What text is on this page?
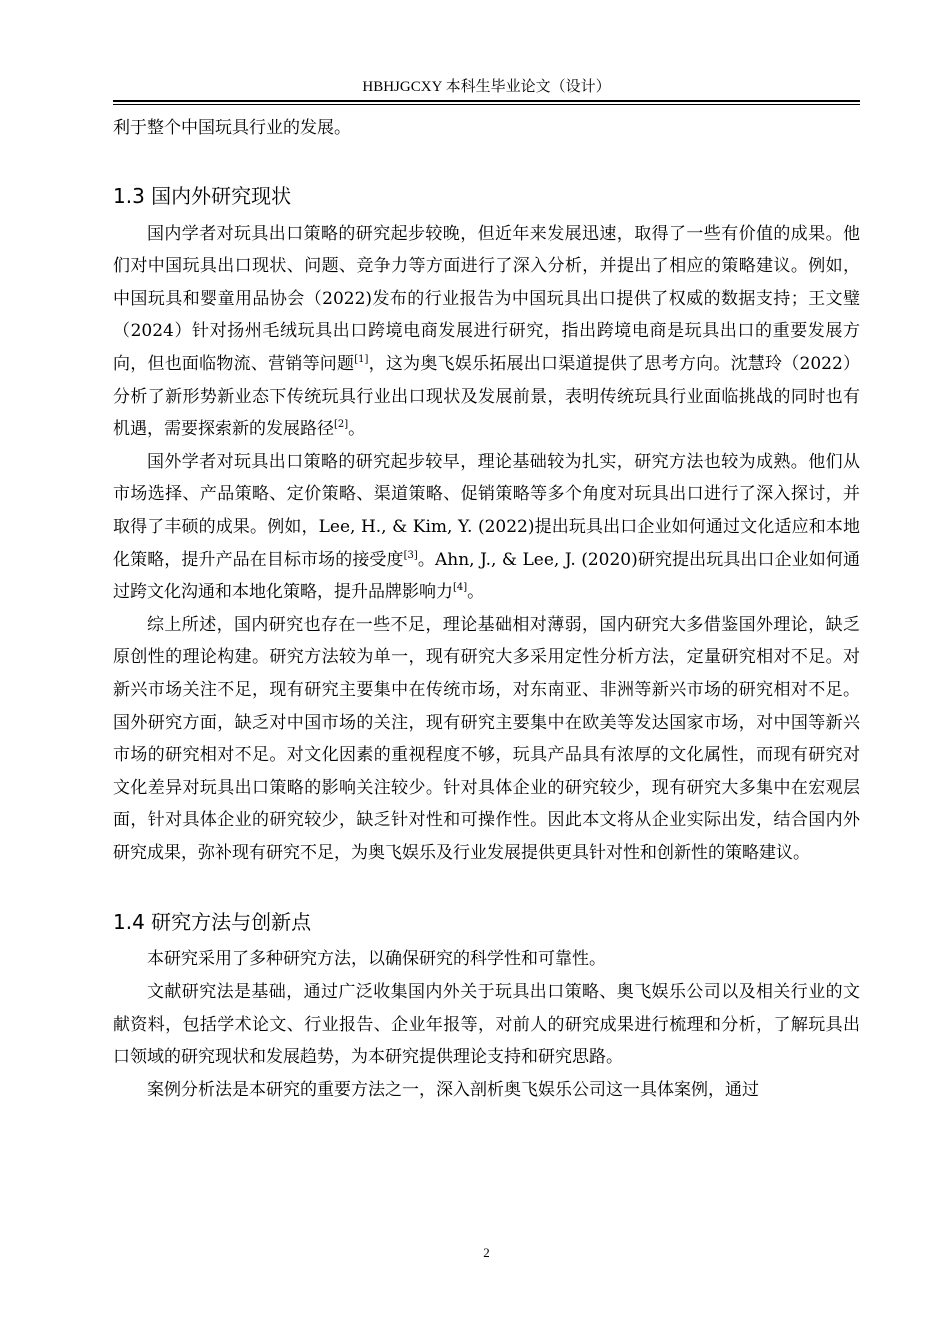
HBHJGCXY 本科生毕业论文（设计）

利于整个中国玩具行业的发展。

1.3 国内外研究现状

国内学者对玩具出口策略的研究起步较晚，但近年来发展迅速，取得了一些有价值的成果。他们对中国玩具出口现状、问题、竞争力等方面进行了深入分析，并提出了相应的策略建议。例如，中国玩具和婴童用品协会（2022)发布的行业报告为中国玩具出口提供了权威的数据支持；王文璧（2024）针对扬州毛绒玩具出口跨境电商发展进行研究，指出跨境电商是玩具出口的重要发展方向，但也面临物流、营销等问题[1]，这为奥飞娱乐拓展出口渠道提供了思考方向。沈慧玲（2022）分析了新形势新业态下传统玩具行业出口现状及发展前景，表明传统玩具行业面临挑战的同时也有机遇，需要探索新的发展路径[2]。

国外学者对玩具出口策略的研究起步较早，理论基础较为扎实，研究方法也较为成熟。他们从市场选择、产品策略、定价策略、渠道策略、促销策略等多个角度对玩具出口进行了深入探讨，并取得了丰硕的成果。例如，Lee, H., & Kim, Y. (2022)提出玩具出口企业如何通过文化适应和本地化策略，提升产品在目标市场的接受度[3]。Ahn, J., & Lee, J. (2020)研究提出玩具出口企业如何通过跨文化沟通和本地化策略，提升品牌影响力[4]。

综上所述，国内研究也存在一些不足，理论基础相对薄弱，国内研究大多借鉴国外理论，缺乏原创性的理论构建。研究方法较为单一，现有研究大多采用定性分析方法，定量研究相对不足。对新兴市场关注不足，现有研究主要集中在传统市场，对东南亚、非洲等新兴市场的研究相对不足。国外研究方面，缺乏对中国市场的关注，现有研究主要集中在欧美等发达国家市场，对中国等新兴市场的研究相对不足。对文化因素的重视程度不够，玩具产品具有浓厚的文化属性，而现有研究对文化差异对玩具出口策略的影响关注较少。针对具体企业的研究较少，现有研究大多集中在宏观层面，针对具体企业的研究较少，缺乏针对性和可操作性。因此本文将从企业实际出发，结合国内外研究成果，弥补现有研究不足，为奥飞娱乐及行业发展提供更具针对性和创新性的策略建议。

1.4 研究方法与创新点

本研究采用了多种研究方法，以确保研究的科学性和可靠性。

文献研究法是基础，通过广泛收集国内外关于玩具出口策略、奥飞娱乐公司以及相关行业的文献资料，包括学术论文、行业报告、企业年报等，对前人的研究成果进行梳理和分析，了解玩具出口领域的研究现状和发展趋势，为本研究提供理论支持和研究思路。

案例分析法是本研究的重要方法之一，深入剖析奥飞娱乐公司这一具体案例，通过

2
